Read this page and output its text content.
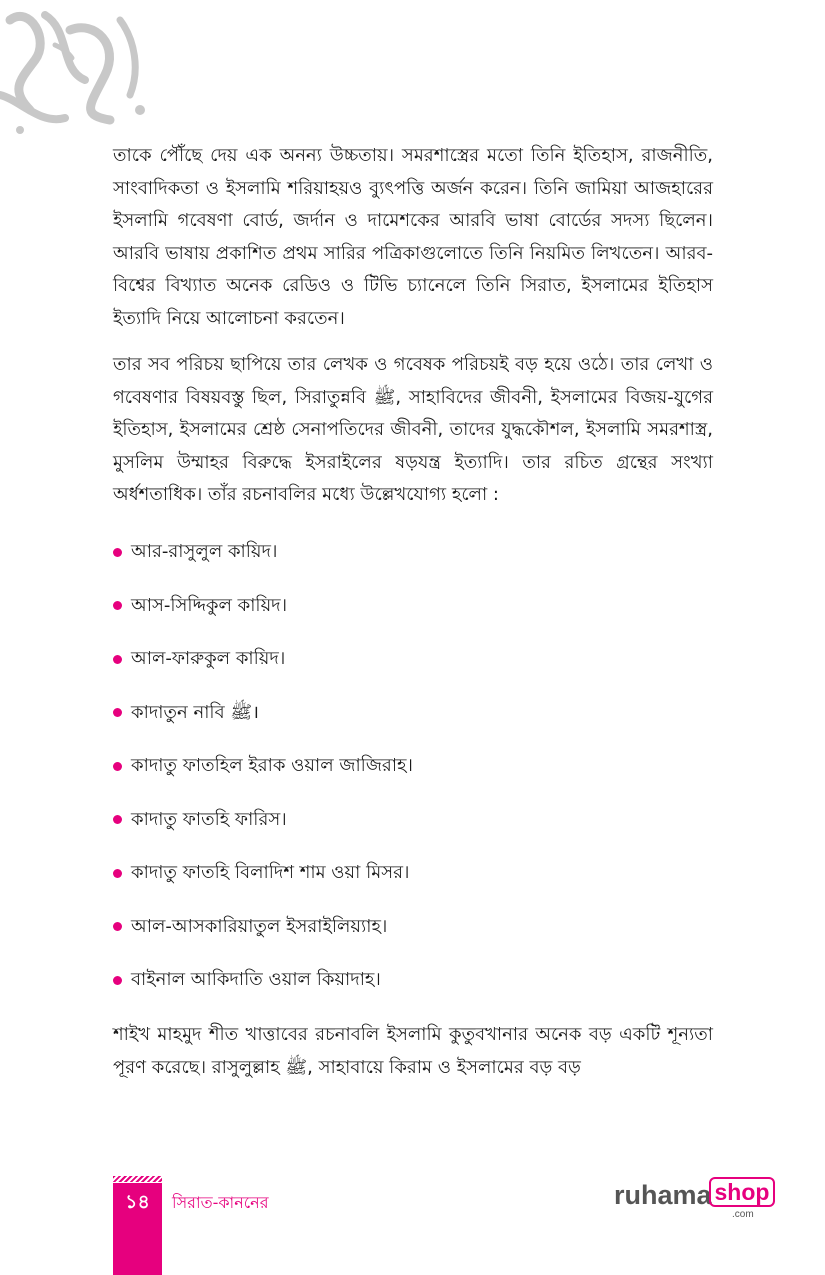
তাকে পৌঁছে দেয় এক অনন্য উচ্চতায়। সমরশাস্ত্রের মতো তিনি ইতিহাস, রাজনীতি, সাংবাদিকতা ও ইসলামি শরিয়াহয়ও ব্যুৎপত্তি অর্জন করেন। তিনি জামিয়া আজহারের ইসলামি গবেষণা বোর্ড, জর্দান ও দামেশকের আরবি ভাষা বোর্ডের সদস্য ছিলেন। আরবি ভাষায় প্রকাশিত প্রথম সারির পত্রিকাগুলোতে তিনি নিয়মিত লিখতেন। আরব-বিশ্বের বিখ্যাত অনেক রেডিও ও টিভি চ্যানেলে তিনি সিরাত, ইসলামের ইতিহাস ইত্যাদি নিয়ে আলোচনা করতেন।

তার সব পরিচয় ছাপিয়ে তার লেখক ও গবেষক পরিচয়ই বড় হয়ে ওঠে। তার লেখা ও গবেষণার বিষয়বস্তু ছিল, সিরাতুন্নবি ﷺ, সাহাবিদের জীবনী, ইসলামের বিজয়-যুগের ইতিহাস, ইসলামের শ্রেষ্ঠ সেনাপতিদের জীবনী, তাদের যুদ্ধকৌশল, ইসলামি সমরশাস্ত্র, মুসলিম উম্মাহর বিরুদ্ধে ইসরাইলের ষড়যন্ত্র ইত্যাদি। তার রচিত গ্রন্থের সংখ্যা অর্ধশতাধিক। তাঁর রচনাবলির মধ্যে উল্লেখযোগ্য হলো :

আর-রাসুলুল কায়িদ।
আস-সিদ্দিকুল কায়িদ।
আল-ফারুকুল কায়িদ।
কাদাতুন নাবি ﷺ।
কাদাতু ফাতহিল ইরাক ওয়াল জাজিরাহ।
কাদাতু ফাতহি ফারিস।
কাদাতু ফাতহি বিলাদিশ শাম ওয়া মিসর।
আল-আসকারিয়াতুল ইসরাইলিয়্যাহ।
বাইনাল আকিদাতি ওয়াল কিয়াদাহ।

শাইখ মাহমুদ শীত খাত্তাবের রচনাবলি ইসলামি কুতুবখানার অনেক বড় একটি শূন্যতা পূরণ করেছে। রাসুলুল্লাহ ﷺ, সাহাবায়ে কিরাম ও ইসলামের বড় বড়

১৪	সিরাত-কাননের	ruhama shop
.com
